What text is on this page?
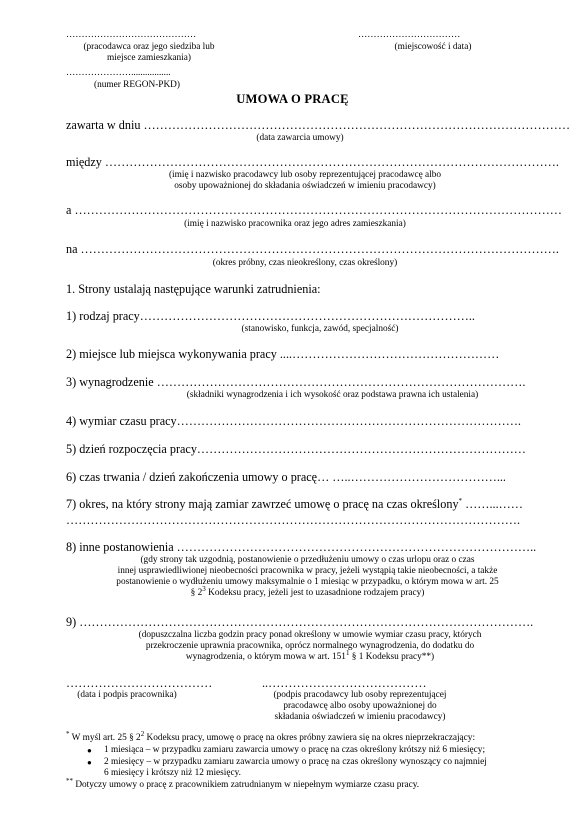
……………………………………
(pracodawca oraz jego siedziba lub
miejsce zamieszkania)
……………………………
(miejscowość i data)
………………….................
(numer REGON-PKD)
UMOWA O PRACĘ
zawarta w dniu ……………………………………………………………………………………………
(data zawarcia umowy)
między ………………………………………………………………………………………………….
(imię i nazwisko pracodawcy lub osoby reprezentującej pracodawcę albo
osoby upoważnionej do składania oświadczeń w imieniu pracodawcy)
a …………………………………………………………………………………………………………
(imię i nazwisko pracownika oraz jego adres zamieszkania)
na ……………………………………………………………………………………………………….
(okres próbny, czas nieokreślony, czas określony)
1. Strony ustalają następujące warunki zatrudnienia:
1) rodzaj pracy………………………………………………………………………..
(stanowisko, funkcja, zawód, specjalność)
2) miejsce lub miejsca wykonywania pracy ....……………………………………………
3) wynagrodzenie ……………………………………………………………………………….
(składniki wynagrodzenia i ich wysokość oraz podstawa prawna ich ustalenia)
4) wymiar czasu pracy………………………………………………………………………….
5) dzień rozpoczęcia pracy………………………………………………………………………
6) czas trwania / dzień zakończenia umowy o pracę… …..………………………………...
7) okres, na który strony mają zamiar zawrzeć umowę o pracę na czas określony* ……...……
………………………………………………………………………………………………….
8) inne postanowienia ……………………………………………………………………………..
(gdy strony tak uzgodnią, postanowienie o przedłużeniu umowy o czas urlopu oraz o czas
innej usprawiedliwionej nieobecności pracownika w pracy, jeżeli wystąpią takie nieobecności, a także
postanowienie o wydłużeniu umowy maksymalnie o 1 miesiąc w przypadku, o którym mowa w art. 25
§ $2^3$ Kodeksu pracy, jeżeli jest to uzasadnione rodzajem pracy)
9) ………………………………………………………………………………………………….
(dopuszczalna liczba godzin pracy ponad określony w umowie wymiar czasu pracy, których
przekroczenie uprawnia pracownika, oprócz normalnego wynagrodzenia, do dodatku do
wynagrodzenia, o którym mowa w art. $151^1$ § 1 Kodeksu pracy**)
………………………………
(data i podpis pracownika)
..…………………………………
(podpis pracodawcy lub osoby reprezentującej
pracodawcę albo osoby upoważnionej do
składania oświadczeń w imieniu pracodawcy)
* W myśl art. 25 § $2^2$ Kodeksu pracy, umowę o pracę na okres próbny zawiera się na okres nieprzekraczający:
● 1 miesiąca – w przypadku zamiaru zawarcia umowy o pracę na czas określony krótszy niż 6 miesięcy;
● 2 miesięcy – w przypadku zamiaru zawarcia umowy o pracę na czas określony wynoszący co najmniej
6 miesięcy i krótszy niż 12 miesięcy.
** Dotyczy umowy o pracę z pracownikiem zatrudnianym w niepełnym wymiarze czasu pracy.
